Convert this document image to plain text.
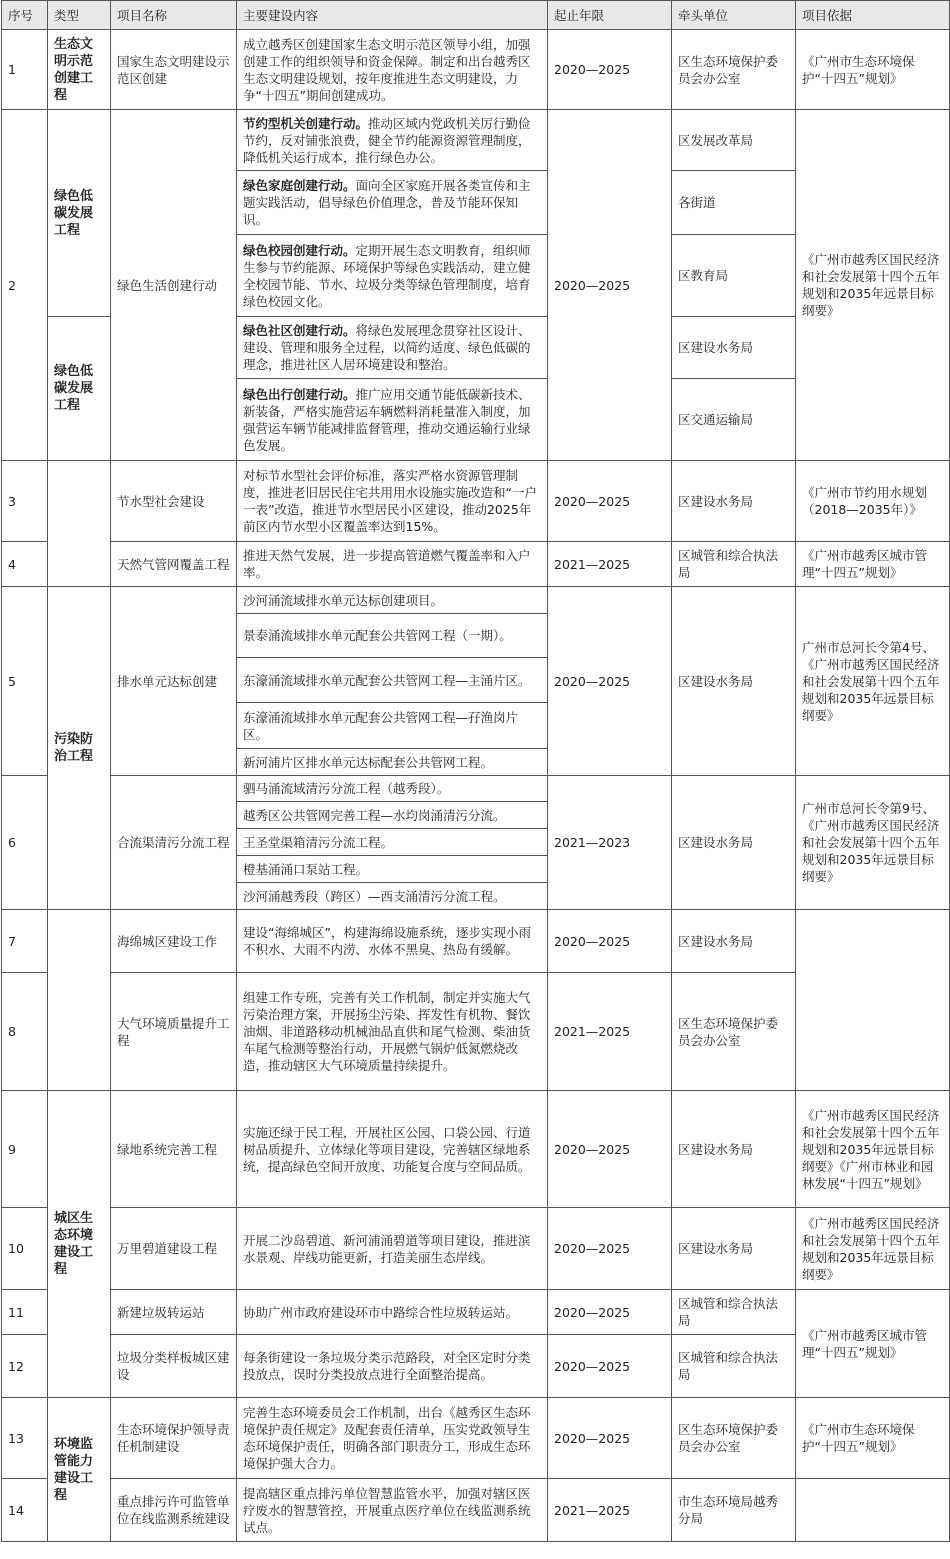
序号	类型	项目名称	主要建设内容	起止年限	牵头单位	项目依据
1	生态文明示范创建工程	国家生态文明建设示范区创建	成立越秀区创建国家生态文明示范区领导小组，加强创建工作的组织领导和资金保障。制定和出台越秀区生态文明建设规划，按年度推进生态文明建设，力争“十四五”期间创建成功。	2020—2025	区生态环境保护委员会办公室	《广州市生态环境保护“十四五”规划》
2	绿色低碳发展工程	绿色生活创建行动	节约型机关创建行动。推动区域内党政机关厉行勤俭节约，反对铺张浪费，健全节约能源资源管理制度，降低机关运行成本，推行绿色办公。	2020—2025	区发展改革局	《广州市越秀区国民经济和社会发展第十四个五年规划和2035年远景目标纲要》
			绿色家庭创建行动。面向全区家庭开展各类宣传和主题实践活动，倡导绿色价值理念，普及节能环保知识。		各街道	
			绿色校园创建行动。定期开展生态文明教育，组织师生参与节约能源、环境保护等绿色实践活动，建立健全校园节能、节水、垃圾分类等绿色管理制度，培育绿色校园文化。		区教育局	
	绿色低碳发展工程		绿色社区创建行动。将绿色发展理念贯穿社区设计、建设、管理和服务全过程，以简约适度、绿色低碳的理念，推进社区人居环境建设和整治。		区建设水务局	
			绿色出行创建行动。推广应用交通节能低碳新技术、新装备，严格实施营运车辆燃料消耗量准入制度，加强营运车辆节能减排监督管理，推动交通运输行业绿色发展。		区交通运输局	
3		节水型社会建设	对标节水型社会评价标准，落实严格水资源管理制度，推进老旧居民住宅共用用水设施实施改造和“一户一表”改造，推进节水型居民小区建设，推动2025年前区内节水型小区覆盖率达到15%。	2020—2025	区建设水务局	《广州市节约用水规划（2018—2035年）》
4		天然气管网覆盖工程	推进天然气发展，进一步提高管道燃气覆盖率和入户率。	2021—2025	区城管和综合执法局	《广州市越秀区城市管理“十四五”规划》
5	污染防治工程	排水单元达标创建	沙河涌流域排水单元达标创建项目。	2020—2025	区建设水务局	广州市总河长令第4号、《广州市越秀区国民经济和社会发展第十四个五年规划和2035年远景目标纲要》
			景泰涌流域排水单元配套公共管网工程（一期）。			
			东濠涌流域排水单元配套公共管网工程—主涌片区。			
			东濠涌流域排水单元配套公共管网工程—孖渔岗片区。			
			新河浦片区排水单元达标配套公共管网工程。			
6		合流渠清污分流工程	驷马涌流域清污分流工程（越秀段）。	2021—2023	区建设水务局	广州市总河长令第9号、《广州市越秀区国民经济和社会发展第十四个五年规划和2035年远景目标纲要》
			越秀区公共管网完善工程—水均岗涌清污分流。			
			王圣堂渠箱清污分流工程。			
			橙基涌涌口泵站工程。			
			沙河涌越秀段（跨区）—西支涌清污分流工程。			
7		海绵城区建设工作	建设“海绵城区”，构建海绵设施系统，逐步实现小雨不积水、大雨不内涝、水体不黑臭、热岛有缓解。	2020—2025	区建设水务局	
8		大气环境质量提升工程	组建工作专班，完善有关工作机制，制定并实施大气污染治理方案，开展扬尘污染、挥发性有机物、餐饮油烟、非道路移动机械油品直供和尾气检测、柴油货车尾气检测等整治行动，开展燃气锅炉低氮燃烧改造，推动辖区大气环境质量持续提升。	2021—2025	区生态环境保护委员会办公室	
9	城区生态环境建设工程	绿地系统完善工程	实施还绿于民工程，开展社区公园、口袋公园、行道树品质提升、立体绿化等项目建设，完善辖区绿地系统，提高绿色空间开放度、功能复合度与空间品质。	2020—2025	区建设水务局	《广州市越秀区国民经济和社会发展第十四个五年规划和2035年远景目标纲要》《广州市林业和园林发展“十四五”规划》
10		万里碧道建设工程	开展二沙岛碧道、新河浦涌碧道等项目建设，推进滨水景观、岸线功能更新，打造美丽生态岸线。	2020—2025	区建设水务局	《广州市越秀区国民经济和社会发展第十四个五年规划和2035年远景目标纲要》
11		新建垃圾转运站	协助广州市政府建设环市中路综合性垃圾转运站。	2020—2025	区城管和综合执法局	《广州市越秀区城市管理“十四五”规划》
12		垃圾分类样板城区建设	每条街建设一条垃圾分类示范路段，对全区定时分类投放点，误时分类投放点进行全面整治提高。	2020—2025	区城管和综合执法局	
13	环境监管能力建设工程	生态环境保护领导责任机制建设	完善生态环境委员会工作机制，出台《越秀区生态环境保护责任规定》及配套责任清单，压实党政领导生态环境保护责任，明确各部门职责分工，形成生态环境保护强大合力。	2020—2025	区生态环境保护委员会办公室	《广州市生态环境保护“十四五”规划》
14		重点排污许可监管单位在线监测系统建设	提高辖区重点排污单位智慧监管水平，加强对辖区医疗废水的智慧管控，开展重点医疗单位在线监测系统试点。	2021—2025	市生态环境局越秀分局	
